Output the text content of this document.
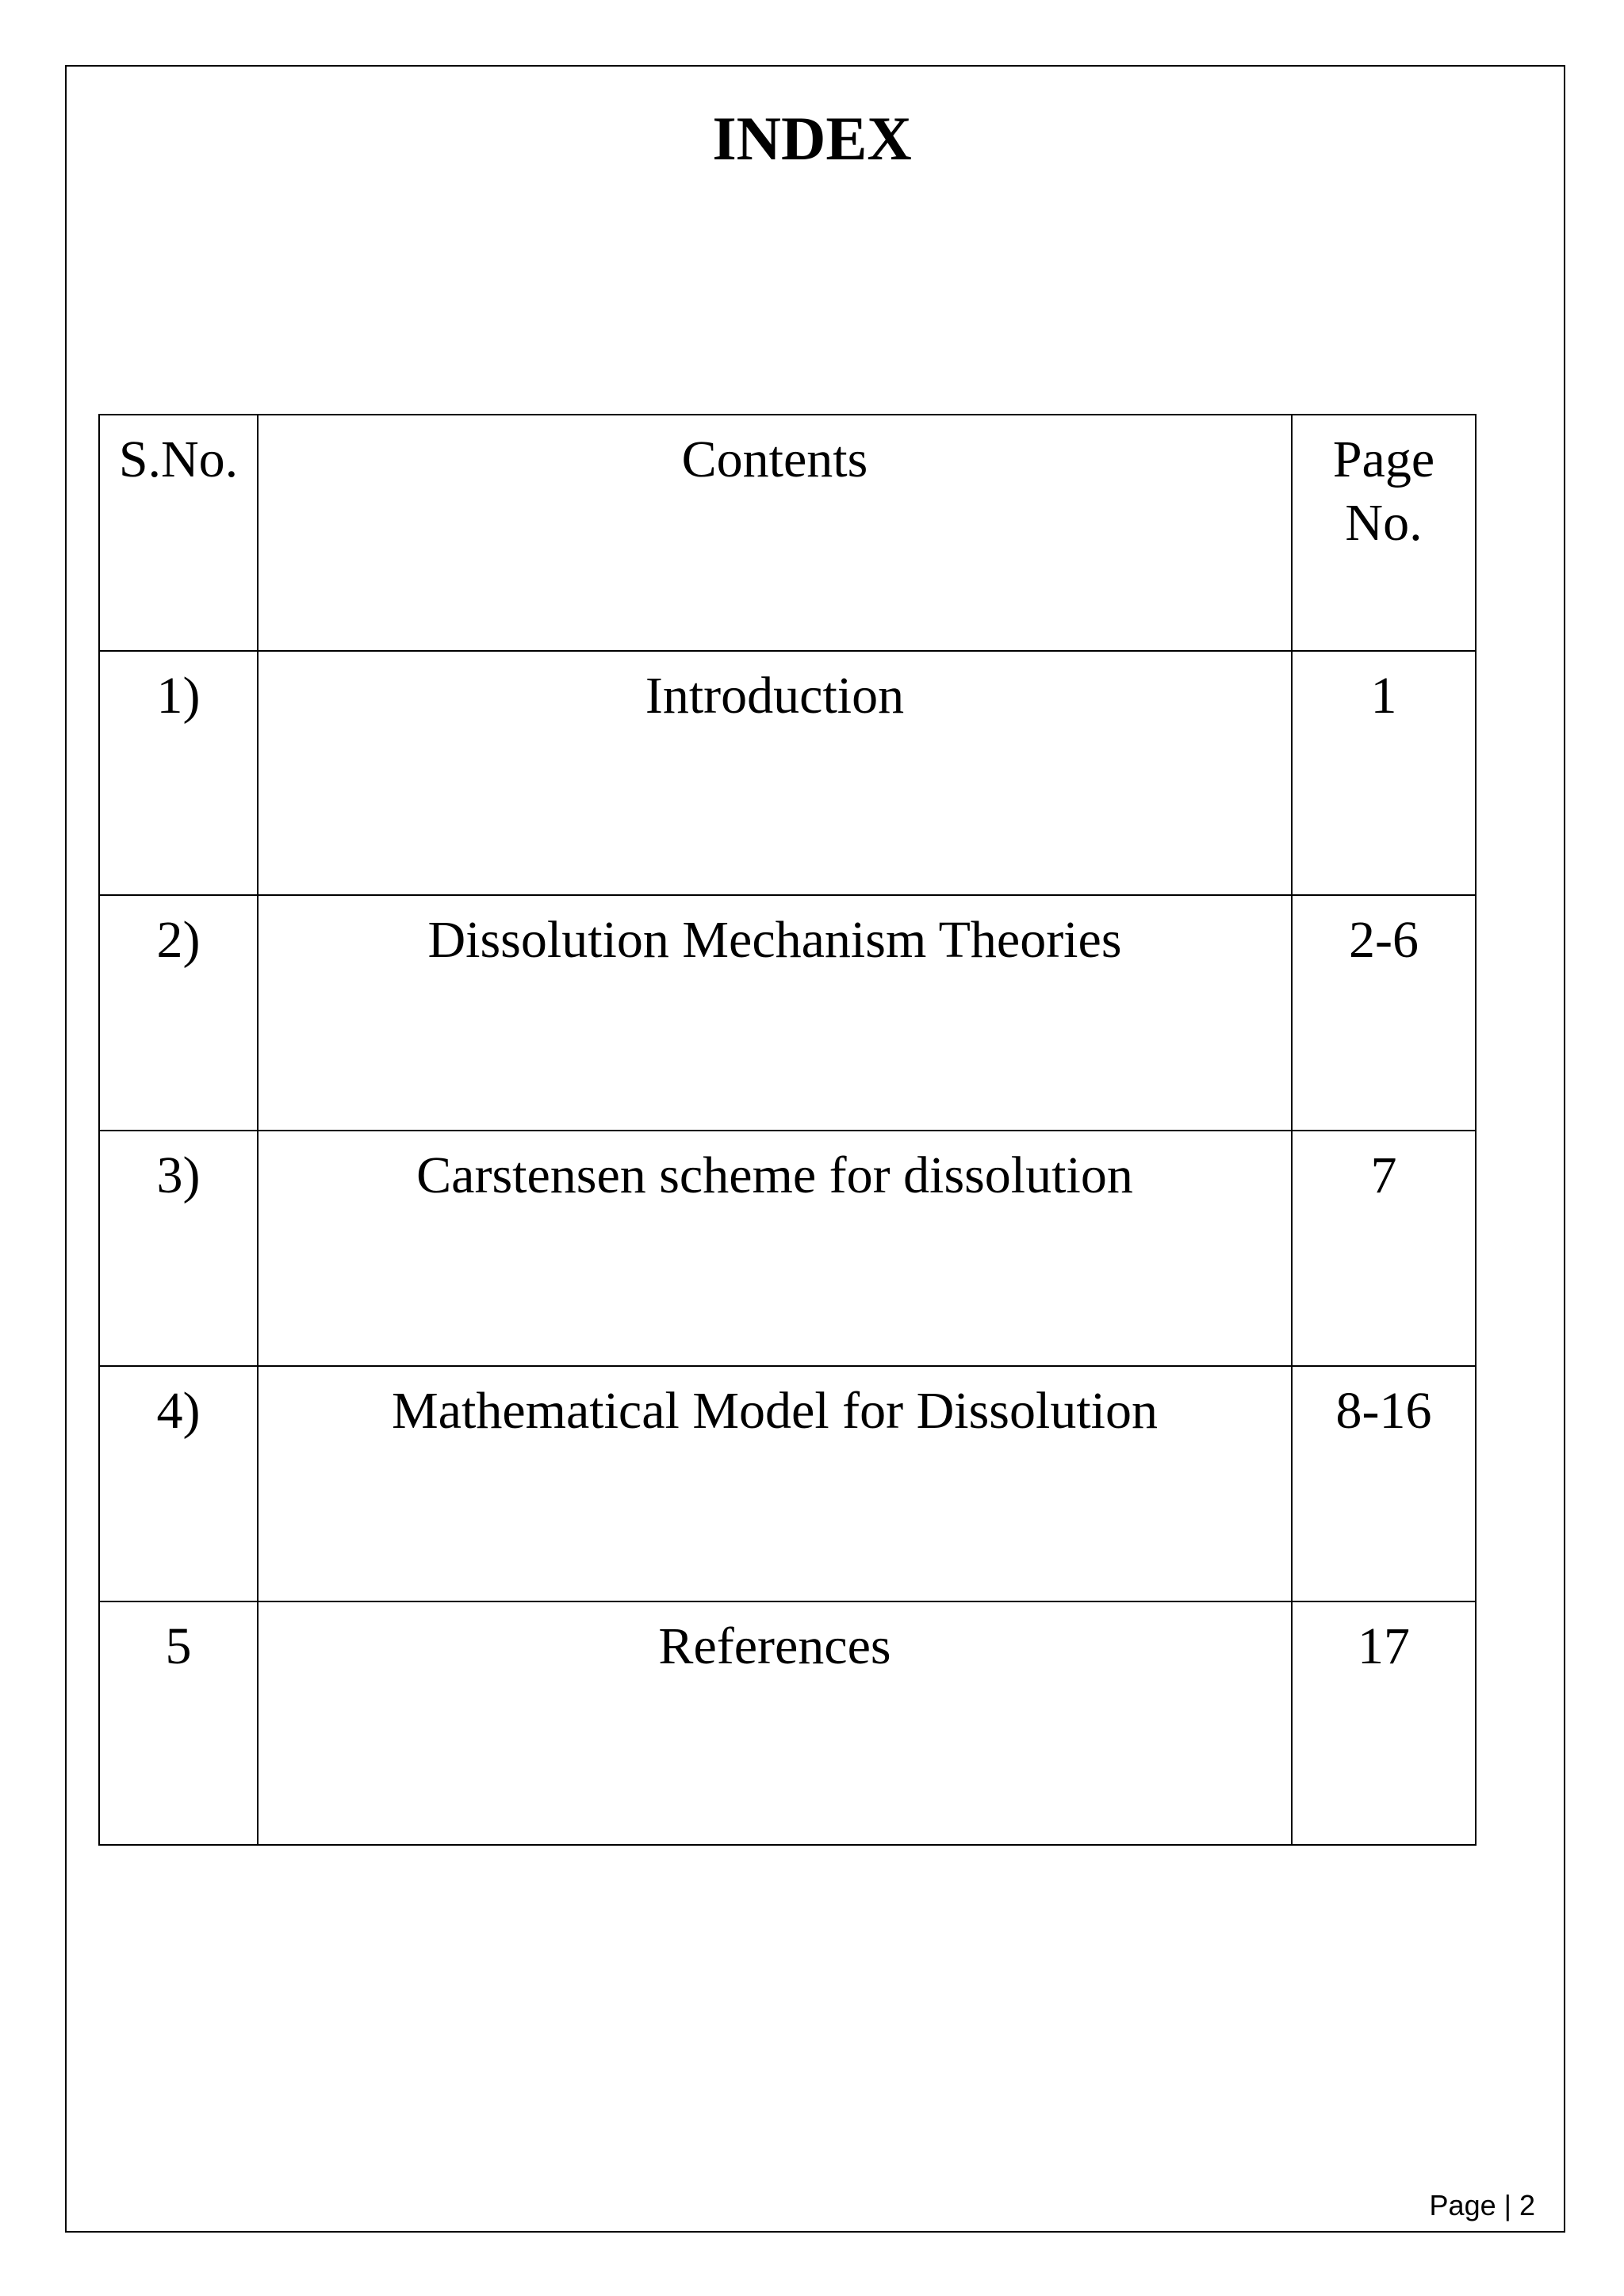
INDEX
S.No.	Contents	Page
No.

1)	Introduction	1
2)	Dissolution Mechanism Theories	2-6
3)	Carstensen scheme for dissolution	7
4)	Mathematical Model for Dissolution	8-16
5	References	17
Page | 2
